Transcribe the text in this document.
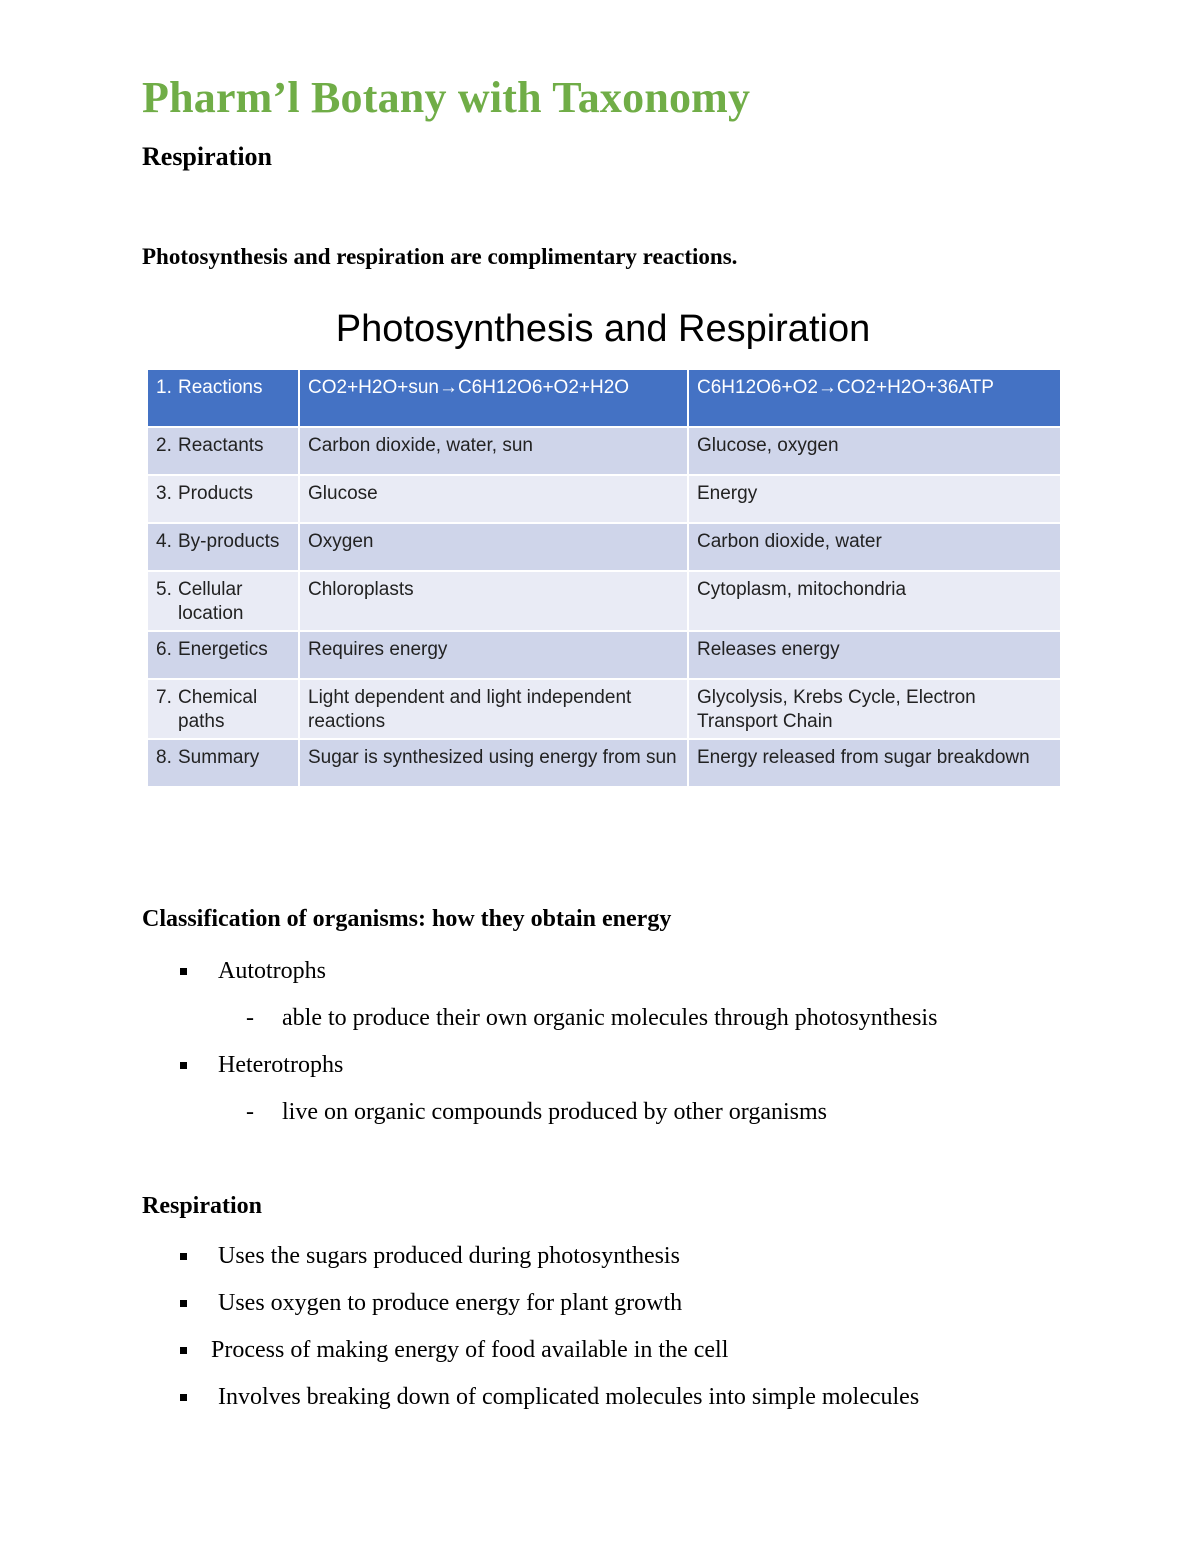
Pharm’l Botany with Taxonomy
Respiration

Photosynthesis and respiration are complimentary reactions.

Photosynthesis and Respiration
1. Reactions	CO2+H2O+sun→C6H12O6+O2+H2O	C6H12O6+O2→CO2+H2O+36ATP

2. Reactants	Carbon dioxide, water, sun	Glucose, oxygen

3. Products	Glucose	Energy

4. By-products	Oxygen	Carbon dioxide, water

5. Cellular location	Chloroplasts	Cytoplasm, mitochondria

6. Energetics	Requires energy	Releases energy

7. Chemical paths	Light dependent and light independent reactions	Glycolysis, Krebs Cycle, Electron Transport Chain

8. Summary	Sugar is synthesized using energy from sun	Energy released from sugar breakdown
Classification of organisms: how they obtain energy
Autotrophs
- able to produce their own organic molecules through photosynthesis
Heterotrophs
- live on organic compounds produced by other organisms
Respiration
Uses the sugars produced during photosynthesis
Uses oxygen to produce energy for plant growth
Process of making energy of food available in the cell
Involves breaking down of complicated molecules into simple molecules
